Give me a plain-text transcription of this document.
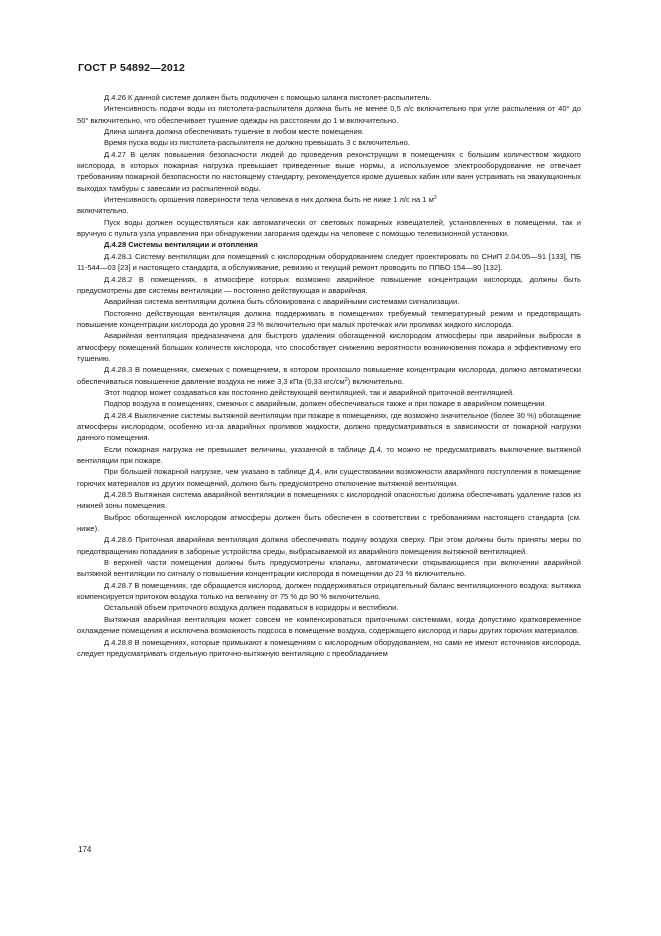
ГОСТ Р 54892—2012

Д.4.26 К данной системе должен быть подключен с помощью шланга пистолет-распылитель.

Интенсивность подачи воды из пистолета-распылителя должна быть не менее 0,5 л/с включительно при угле распыления от 40° до 50° включительно, что обеспечивает тушение одежды на расстоянии до 1 м включительно.

Длина шланга должна обеспечивать тушение в любом месте помещения.

Время пуска воды из пистолета-распылителя не должно превышать 3 с включительно.

Д.4.27 В целях повышения безопасности людей до проведения реконструкции в помещениях с большим количеством жидкого кислорода, в которых пожарная нагрузка превышает приведенные выше нормы, а используемое электрооборудование не отвечает требованиям пожарной безопасности по настоящему стандарту, рекомендуется кроме душевых кабин или ванн устраивать на эвакуационных выходах тамбуры с завесами из распыленной воды.

Интенсивность орошения поверхности тела человека в них должна быть не ниже 1 л/с на 1 $м^2$
включительно.

Пуск воды должен осуществляться как автоматически от световых пожарных извещателей, установленных в помещении, так и вручную с пульта узла управления при обнаружении загорания одежды на человеке с помощью телевизионной установки.

Д.4.28 Системы вентиляции и отопления

Д.4.28.1 Систему вентиляции для помещений с кислородным оборудованием следует проектировать по СНиП 2.04.05—91 [133], ПБ 11-544—03 [23] и настоящего стандарта, а обслуживание, ревизию и текущий ремонт проводить по ППБО 154—90 [132].

Д.4.28.2 В помещениях, в атмосфере которых возможно аварийное повышение концентрации кислорода, должны быть предусмотрены две системы вентиляции — постоянно действующая и аварийная.

Аварийная система вентиляции должна быть сблокирована с аварийными системами сигнализации.

Постоянно действующая вентиляция должна поддерживать в помещениях требуемый температурный режим и предотвращать повышение концентрации кислорода до уровня 23 % включительно при малых протечках или проливах жидкого кислорода.

Аварийная вентиляция предназначена для быстрого удаления обогащенной кислородом атмосферы при аварийных выбросах в атмосферу помещений больших количеств кислорода, что способствует снижению вероятности возникновения пожара и эффективному его тушению.

Д.4.28.3 В помещениях, смежных с помещением, в котором произошло повышение концентрации кислорода, должно автоматически обеспечиваться повышенное давление воздуха не ниже 3,3 кПа (0,33 кгс/$см^2$) включительно.

Этот подпор может создаваться как постоянно действующей вентиляцией, так и аварийной приточной вентиляцией.

Подпор воздуха в помещениях, смежных с аварийным, должен обеспечиваться также и при пожаре в аварийном помещении.

Д.4.28.4 Выключение системы вытяжной вентиляции при пожаре в помещениях, где возможно значительное (более 30 %) обогащение атмосферы кислородом, особенно из-за аварийных проливов жидкости, должно предусматриваться в зависимости от пожарной нагрузки данного помещения.

Если пожарная нагрузка не превышает величины, указанной в таблице Д.4, то можно не предусматривать выключение вытяжной вентиляции при пожаре.

При бо́льшей пожарной нагрузке, чем указано в таблице Д.4, или существовании возможности аварийного поступления в помещение горючих материалов из других помещений, должно быть предусмотрено отключение вытяжной вентиляции.

Д.4.28.5 Вытяжная система аварийной вентиляции в помещениях с кислородной опасностью должна обеспечивать удаление газов из нижней зоны помещения.

Выброс обогащенной кислородом атмосферы должен быть обеспечен в соответствии с требованиями настоящего стандарта (см. ниже).

Д.4.28.6 Приточная аварийная вентиляция должна обеспечивать подачу воздуха сверху. При этом должны быть приняты меры по предотвращению попадания в заборные устройства среды, выбрасываемой из аварийного помещения вытяжной вентиляцией.

В верхней части помещения должны быть предусмотрены клапаны, автоматически открывающиеся при включении аварийной вытяжной вентиляции по сигналу о повышении концентрации кислорода в помещении до 23 % включительно.

Д.4.28.7 В помещениях, где обращается кислород, должен поддерживаться отрицательный баланс вентиляционного воздуха: вытяжка компенсируется притоком воздуха только на величину от 75 % до 90 % включительно.

Остальной объем приточного воздуха должен подаваться в коридоры и вестибюли.

Вытяжная аварийная вентиляция может совсем не компенсироваться приточными системами, когда допустимо кратковременное охлаждение помещения и исключена возможность подсоса в помещение воздуха, содержащего кислород и пары других горючих материалов.

Д.4.28.8 В помещениях, которые примыкают к помещениям с кислородным оборудованием, но сами не имеют источников кислорода, следует предусматривать отдельную приточно-вытяжную вентиляцию с преобладанием

174
